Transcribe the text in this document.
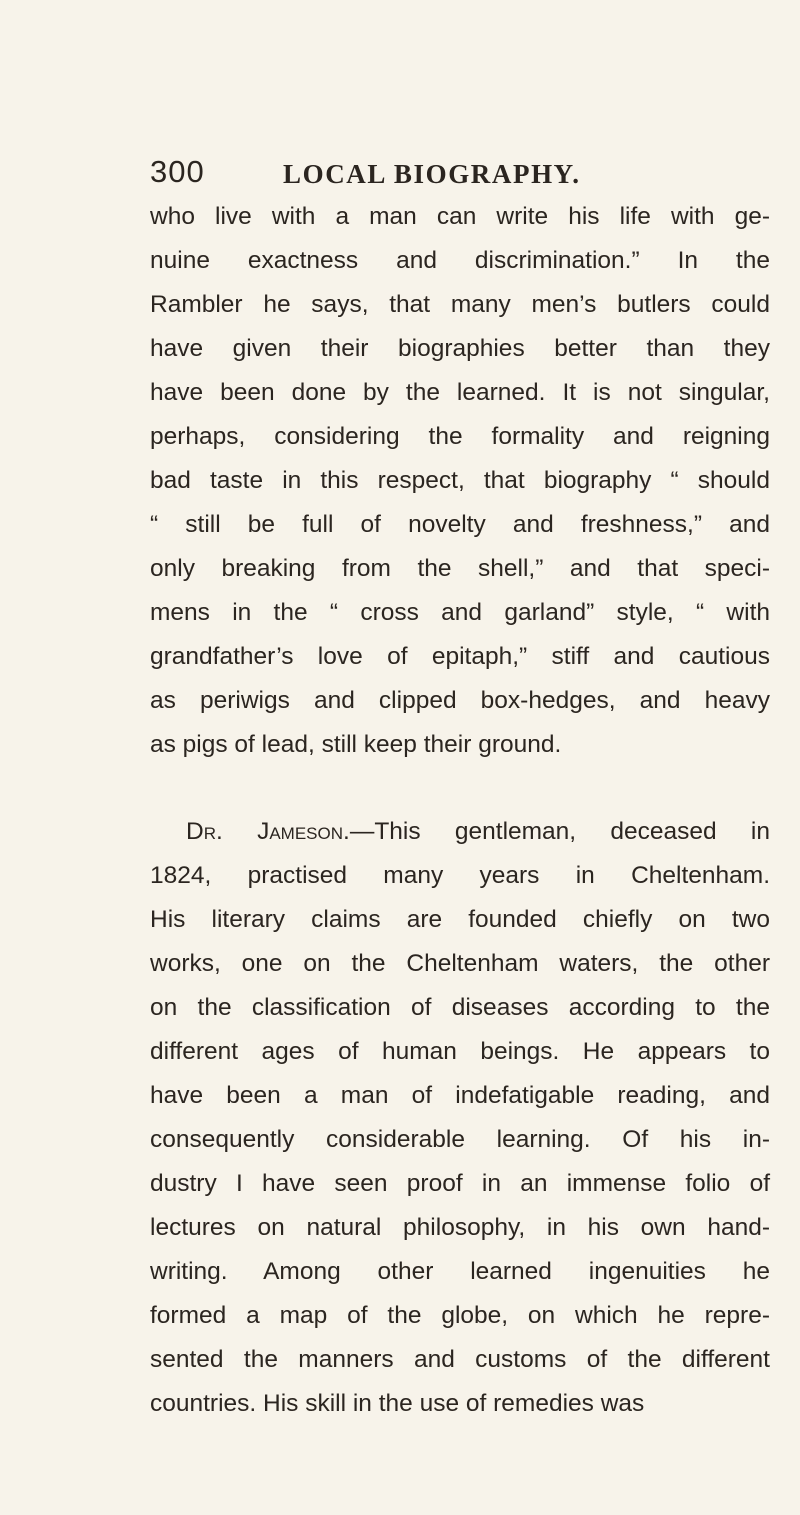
300	LOCAL BIOGRAPHY.
who live with a man can write his life with ge-
nuine exactness and discrimination.” In the
Rambler he says, that many men’s butlers could
have given their biographies better than they
have been done by the learned. It is not singular,
perhaps, considering the formality and reigning
bad taste in this respect, that biography “ should
“ still be full of novelty and freshness,” and
only breaking from the shell,” and that speci-
mens in the “ cross and garland” style, “ with
grandfather’s love of epitaph,” stiff and cautious
as periwigs and clipped box-hedges, and heavy
as pigs of lead, still keep their ground.
Dr. Jameson.—This gentleman, deceased in
1824, practised many years in Cheltenham.
His literary claims are founded chiefly on two
works, one on the Cheltenham waters, the other
on the classification of diseases according to the
different ages of human beings. He appears to
have been a man of indefatigable reading, and
consequently considerable learning. Of his in-
dustry I have seen proof in an immense folio of
lectures on natural philosophy, in his own hand-
writing. Among other learned ingenuities he
formed a map of the globe, on which he repre-
sented the manners and customs of the different
countries. His skill in the use of remedies was
